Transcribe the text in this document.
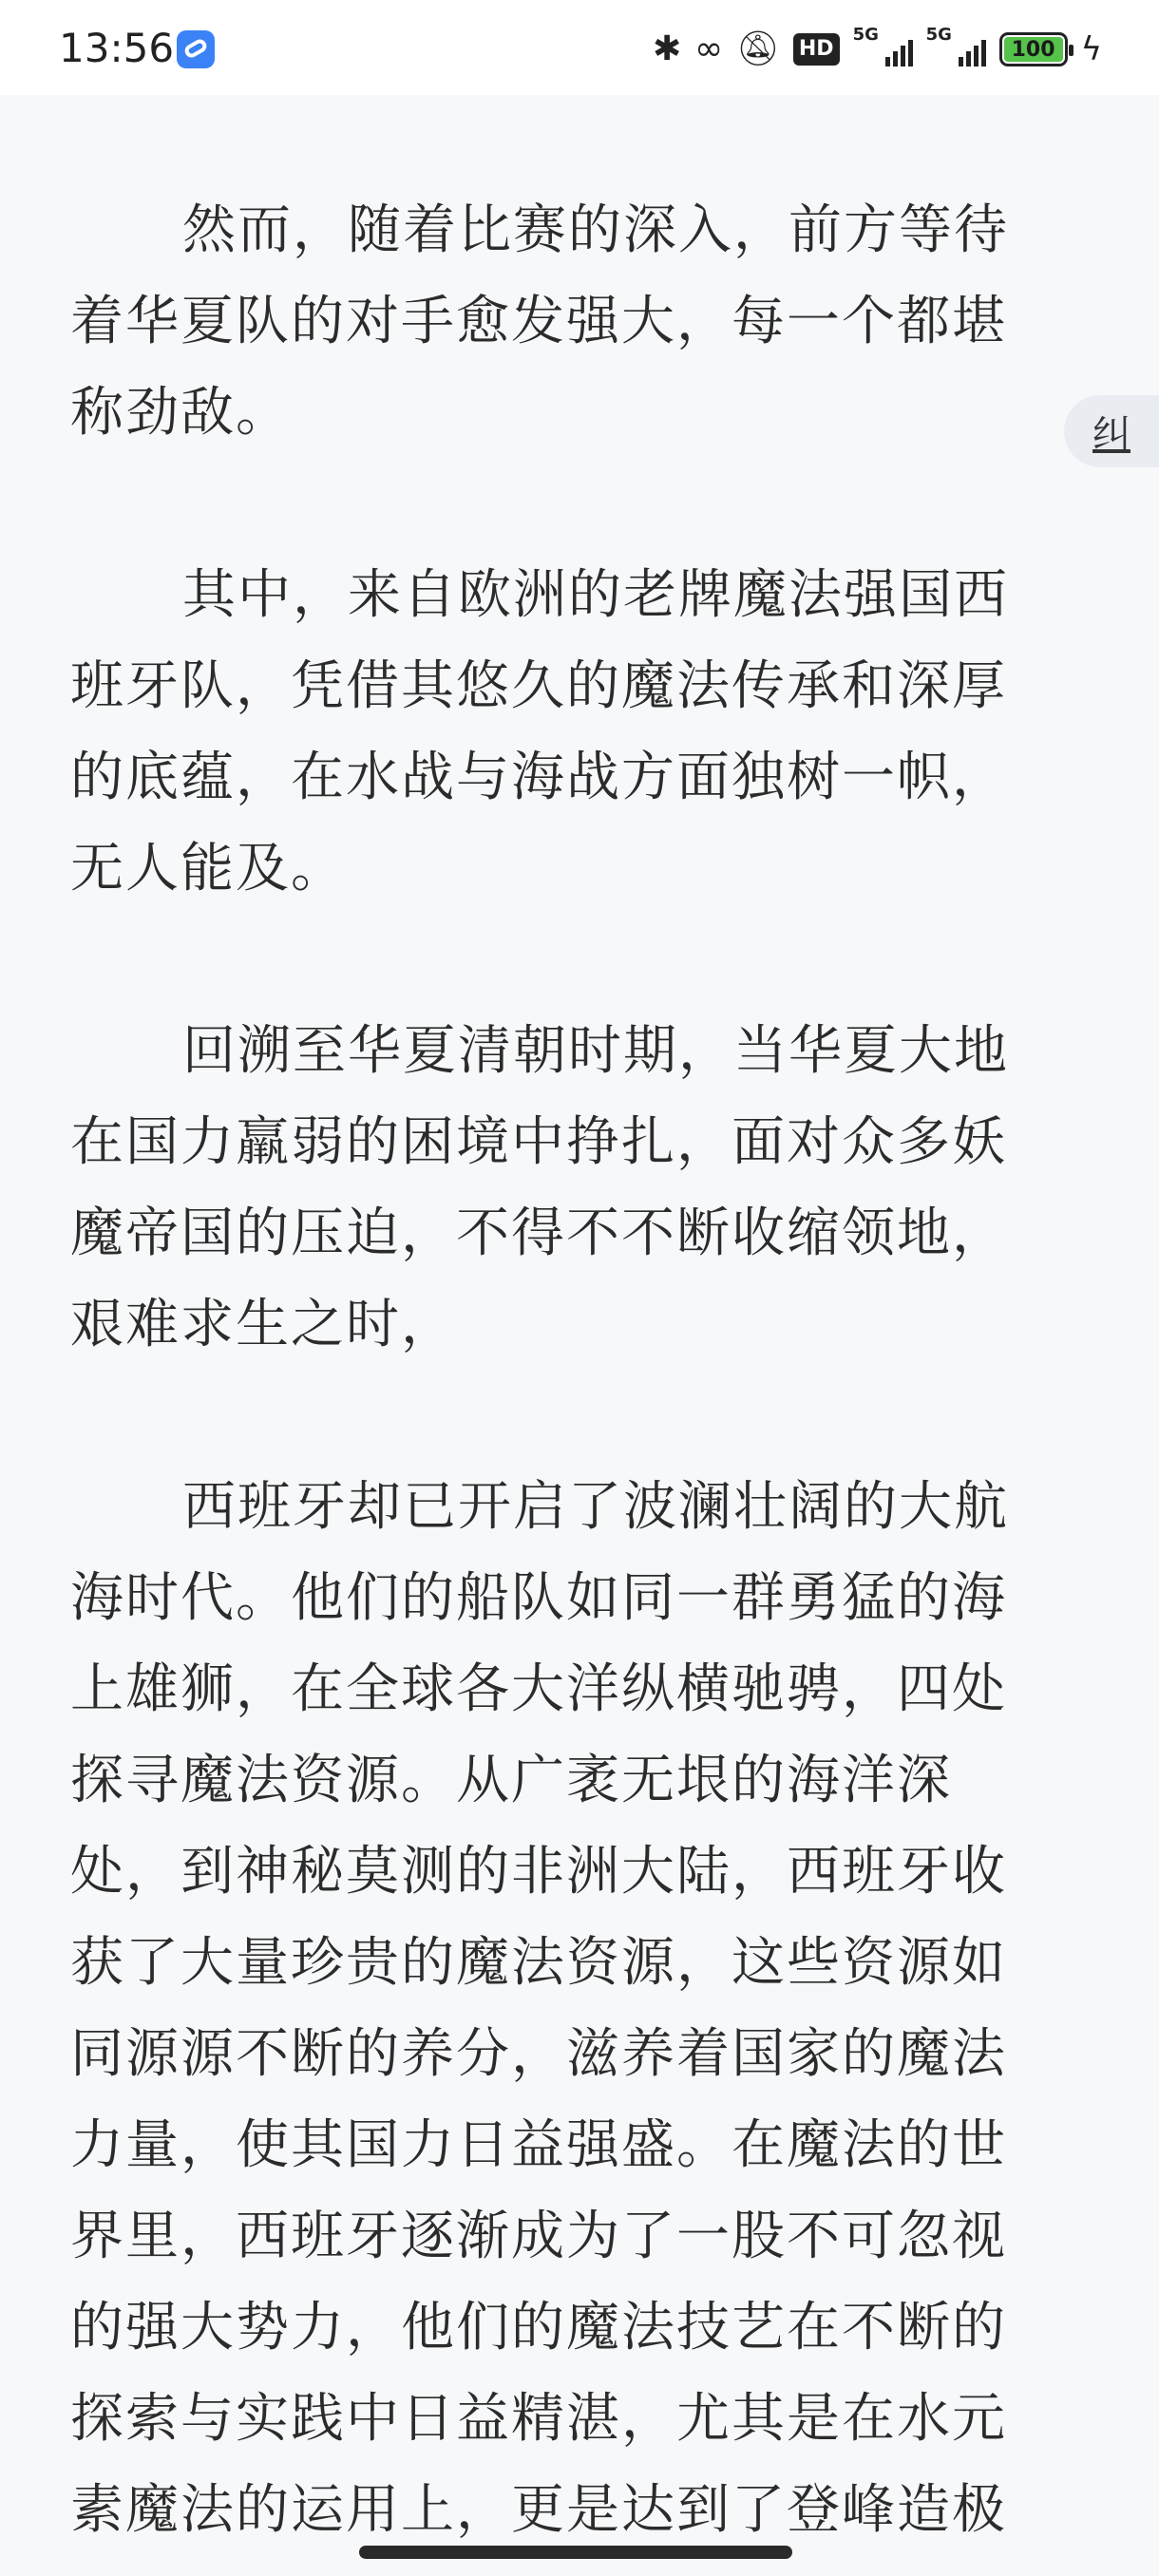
13:56	✱ ∞ 🔕︎ HD
5G	5G
100 ϟ

然而，随着比赛的深入，前方等待着华夏队的对手愈发强大，每一个都堪称劲敌。

其中，来自欧洲的老牌魔法强国西班牙队，凭借其悠久的魔法传承和深厚的底蕴，在水战与海战方面独树一帜，无人能及。

回溯至华夏清朝时期，当华夏大地在国力羸弱的困境中挣扎，面对众多妖魔帝国的压迫，不得不不断收缩领地，艰难求生之时，

西班牙却已开启了波澜壮阔的大航海时代。他们的船队如同一群勇猛的海上雄狮，在全球各大洋纵横驰骋，四处探寻魔法资源。从广袤无垠的海洋深处，到神秘莫测的非洲大陆，西班牙收获了大量珍贵的魔法资源，这些资源如同源源不断的养分，滋养着国家的魔法力量，使其国力日益强盛。在魔法的世界里，西班牙逐渐成为了一股不可忽视的强大势力，他们的魔法技艺在不断的探索与实践中日益精湛，尤其是在水元素魔法的运用上，更是达到了登峰造极

纠
